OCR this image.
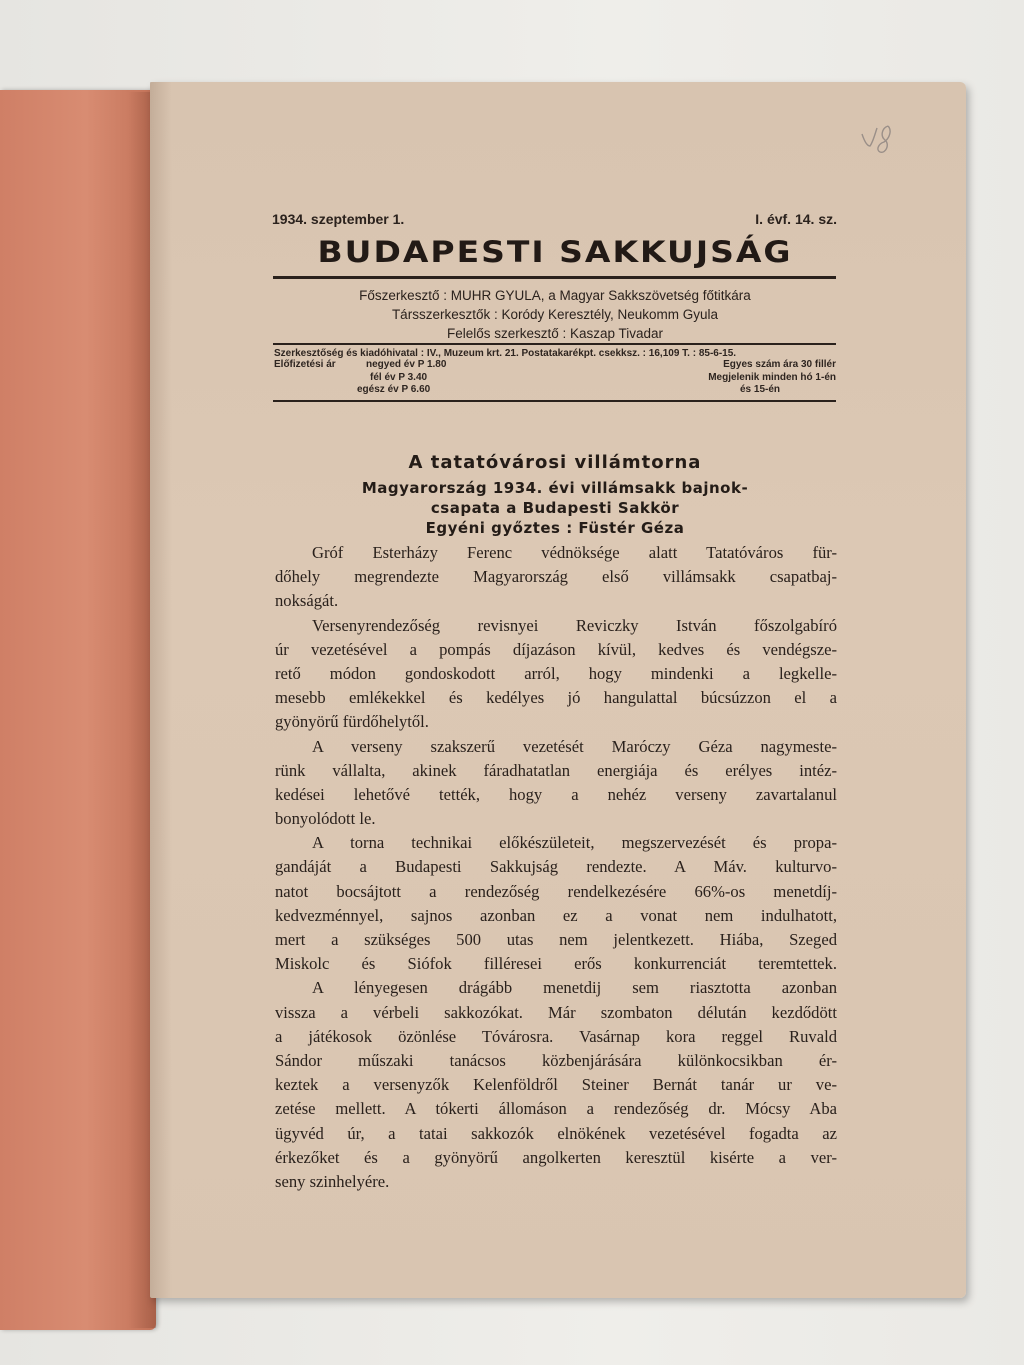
1934. szeptember 1.	I. évf. 14. sz.
BUDAPESTI SAKKUJSÁG
Főszerkesztő : MUHR GYULA, a Magyar Sakkszövetség főtitkára
Társszerkesztők : Koródy Keresztély, Neukomm Gyula
Felelős szerkesztő : Kaszap Tivadar
Szerkesztőség és kiadóhivatal : IV., Muzeum krt. 21. Postatakarékpt. csekksz. : 16,109 T. : 85-6-15.
Előfizetési ár	negyed év P 1.80
fél év P 3.40
egész év P 6.60
Egyes szám ára 30 fillér
Megjelenik minden hó 1-én
és 15-én
A tatatóvárosi villámtorna
Magyarország 1934. évi villámsakk bajnok-
csapata a Budapesti Sakkör
Egyéni győztes : Füstér Géza
Gróf Esterházy Ferenc védnöksége alatt Tatatóváros für-
dőhely megrendezte Magyarország első villámsakk csapatbaj-
nokságát.
Versenyrendezőség revisnyei Reviczky István főszolgabíró
úr vezetésével a pompás díjazáson kívül, kedves és vendégsze-
rető módon gondoskodott arról, hogy mindenki a legkelle-
mesebb emlékekkel és kedélyes jó hangulattal búcsúzzon el a
gyönyörű fürdőhelytől.
A verseny szakszerű vezetését Maróczy Géza nagymeste-
rünk vállalta, akinek fáradhatatlan energiája és erélyes intéz-
kedései lehetővé tették, hogy a nehéz verseny zavartalanul
bonyolódott le.
A torna technikai előkészületeit, megszervezését és propa-
gandáját a Budapesti Sakkujság rendezte. A Máv. kulturvo-
natot bocsájtott a rendezőség rendelkezésére 66%-os menetdíj-
kedvezménnyel, sajnos azonban ez a vonat nem indulhatott,
mert a szükséges 500 utas nem jelentkezett. Hiába, Szeged
Miskolc és Siófok filléresei erős konkurrenciát teremtettek.
A lényegesen drágább menetdij sem riasztotta azonban
vissza a vérbeli sakkozókat. Már szombaton délután kezdődött
a játékosok özönlése Tóvárosra. Vasárnap kora reggel Ruvald
Sándor műszaki tanácsos közbenjárására különkocsikban ér-
keztek a versenyzők Kelenföldről Steiner Bernát tanár ur ve-
zetése mellett. A tókerti állomáson a rendezőség dr. Mócsy Aba
ügyvéd úr, a tatai sakkozók elnökének vezetésével fogadta az
érkezőket és a gyönyörű angolkerten keresztül kisérte a ver-
seny szinhelyére.
